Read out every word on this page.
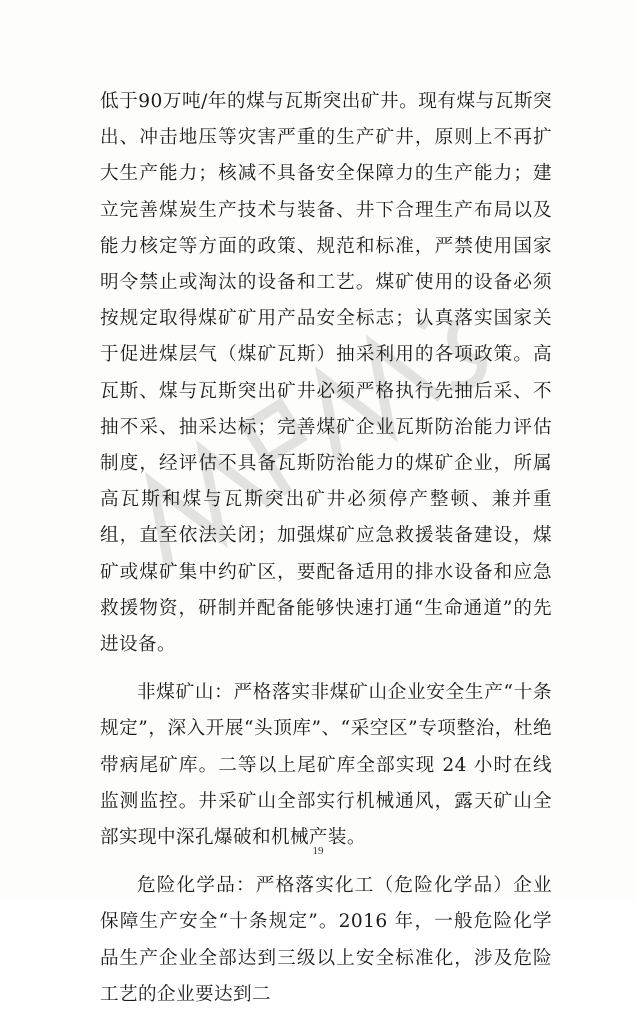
低于90万吨/年的煤与瓦斯突出矿井。现有煤与瓦斯突出、冲击地压等灾害严重的生产矿井，原则上不再扩大生产能力；核减不具备安全保障力的生产能力；建立完善煤炭生产技术与装备、井下合理生产布局以及能力核定等方面的政策、规范和标准，严禁使用国家明令禁止或淘汰的设备和工艺。煤矿使用的设备必须按规定取得煤矿矿用产品安全标志；认真落实国家关于促进煤层气（煤矿瓦斯）抽采利用的各项政策。高瓦斯、煤与瓦斯突出矿井必须严格执行先抽后采、不抽不采、抽采达标；完善煤矿企业瓦斯防治能力评估制度，经评估不具备瓦斯防治能力的煤矿企业，所属高瓦斯和煤与瓦斯突出矿井必须停产整顿、兼并重组，直至依法关闭；加强煤矿应急救援装备建设，煤矿或煤矿集中约矿区，要配备适用的排水设备和应急救援物资，研制并配备能够快速打通“生命通道”的先进设备。

非煤矿山：严格落实非煤矿山企业安全生产“十条规定”，深入开展“头顶库”、“采空区”专项整治，杜绝带病尾矿库。二等以上尾矿库全部实现 24 小时在线监测监控。井采矿山全部实行机械通风，露天矿山全部实现中深孔爆破和机械产装。

危险化学品：严格落实化工（危险化学品）企业保障生产安全“十条规定”。2016 年，一般危险化学品生产企业全部达到三级以上安全标准化，涉及危险工艺的企业要达到二

19
